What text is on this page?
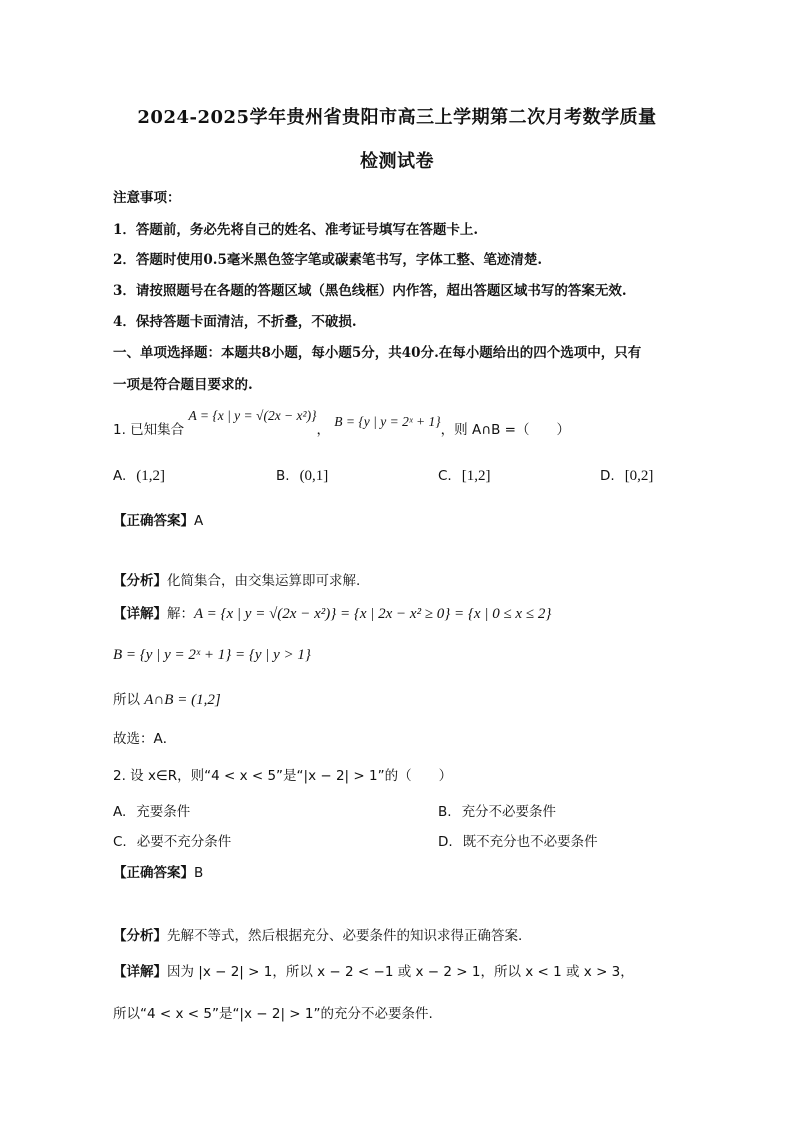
2024-2025学年贵州省贵阳市高三上学期第二次月考数学质量
检测试卷
注意事项：
1．答题前，务必先将自己的姓名、准考证号填写在答题卡上.
2．答题时使用0.5毫米黑色签字笔或碳素笔书写，字体工整、笔迹清楚.
3．请按照题号在各题的答题区域（黑色线框）内作答，超出答题区域书写的答案无效.
4．保持答题卡面清洁，不折叠，不破损.
一、单项选择题：本题共8小题，每小题5分，共40分.在每小题给出的四个选项中，只有
一项是符合题目要求的.
1. 已知集合 A = {x | y = √(2x − x²)}， B = {y | y = 2ˣ + 1}，则 A∩B =（　　）
A. (1,2]	B. (0,1]	C. [1,2]	D. [0,2]
【正确答案】A
【分析】化简集合，由交集运算即可求解.
【详解】解：A = {x | y = √(2x − x²)} = {x | 2x − x² ≥ 0} = {x | 0 ≤ x ≤ 2}
B = {y | y = 2ˣ + 1} = {y | y > 1}
所以 A∩B = (1,2]
故选：A．
2. 设 x∈R，则“4 < x < 5”是“|x − 2| > 1”的（　　）
A. 充要条件	B. 充分不必要条件
C. 必要不充分条件	D. 既不充分也不必要条件
【正确答案】B
【分析】先解不等式，然后根据充分、必要条件的知识求得正确答案.
【详解】因为 |x − 2| > 1，所以 x − 2 < −1 或 x − 2 > 1，所以 x < 1 或 x > 3，
所以“4 < x < 5”是“|x − 2| > 1”的充分不必要条件.
